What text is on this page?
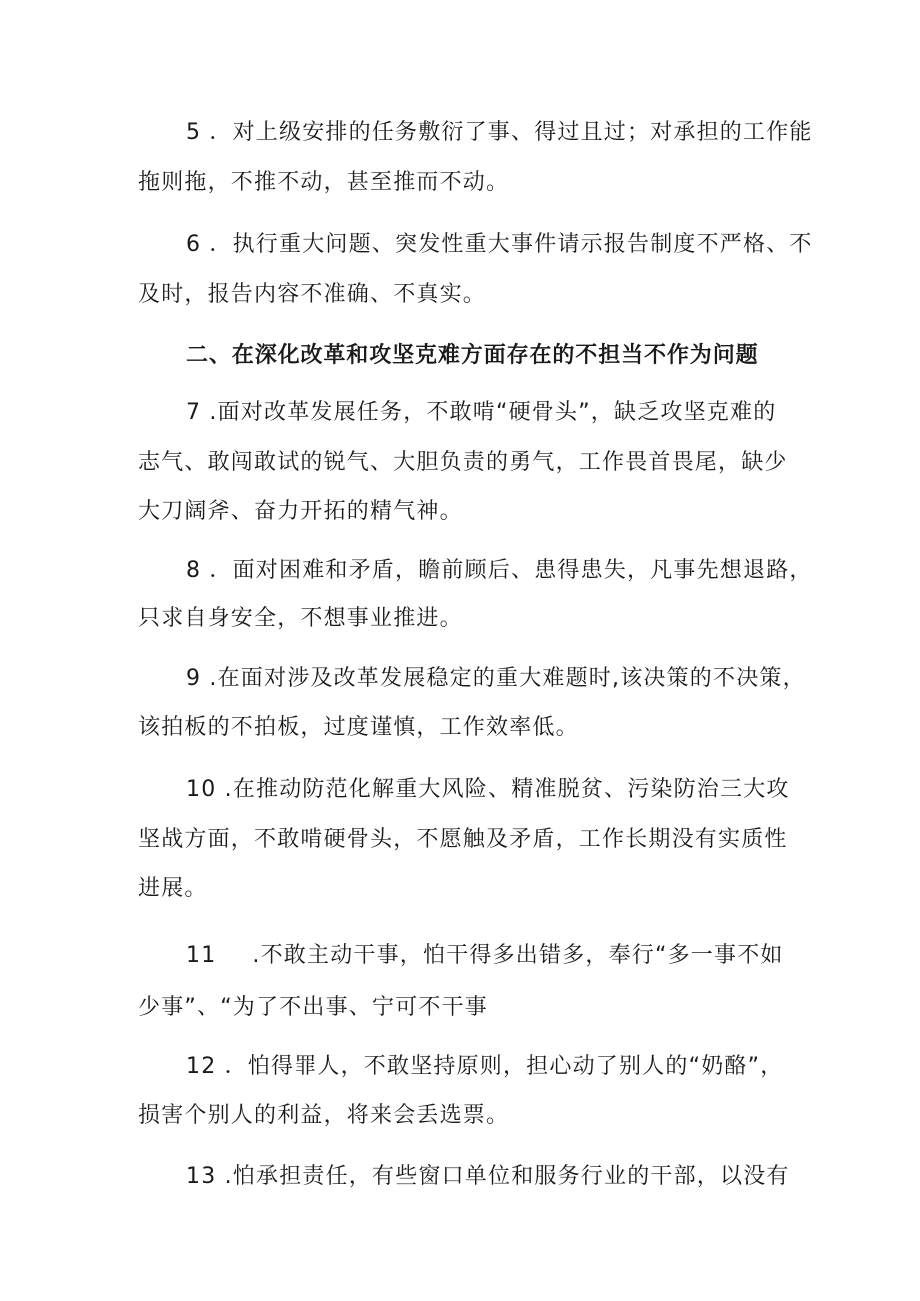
5 ．对上级安排的任务敷衍了事、得过且过；对承担的工作能
拖则拖，不推不动，甚至推而不动。
6 ．执行重大问题、突发性重大事件请示报告制度不严格、不
及时，报告内容不准确、不真实。
二、在深化改革和攻坚克难方面存在的不担当不作为问题
7 .面对改革发展任务，不敢啃“硬骨头”，缺乏攻坚克难的
志气、敢闯敢试的锐气、大胆负责的勇气，工作畏首畏尾，缺少
大刀阔斧、奋力开拓的精气神。
8 ．面对困难和矛盾，瞻前顾后、患得患失，凡事先想退路，
只求自身安全，不想事业推进。
9 .在面对涉及改革发展稳定的重大难题时,该决策的不决策，
该拍板的不拍板，过度谨慎，工作效率低。
10 .在推动防范化解重大风险、精准脱贫、污染防治三大攻
坚战方面，不敢啃硬骨头，不愿触及矛盾，工作长期没有实质性
进展。
11 .不敢主动干事，怕干得多出错多，奉行“多一事不如
少事”、“为了不出事、宁可不干事
12 ．怕得罪人，不敢坚持原则，担心动了别人的“奶酪”，
损害个别人的利益，将来会丢选票。
13 .怕承担责任，有些窗口单位和服务行业的干部，以没有
